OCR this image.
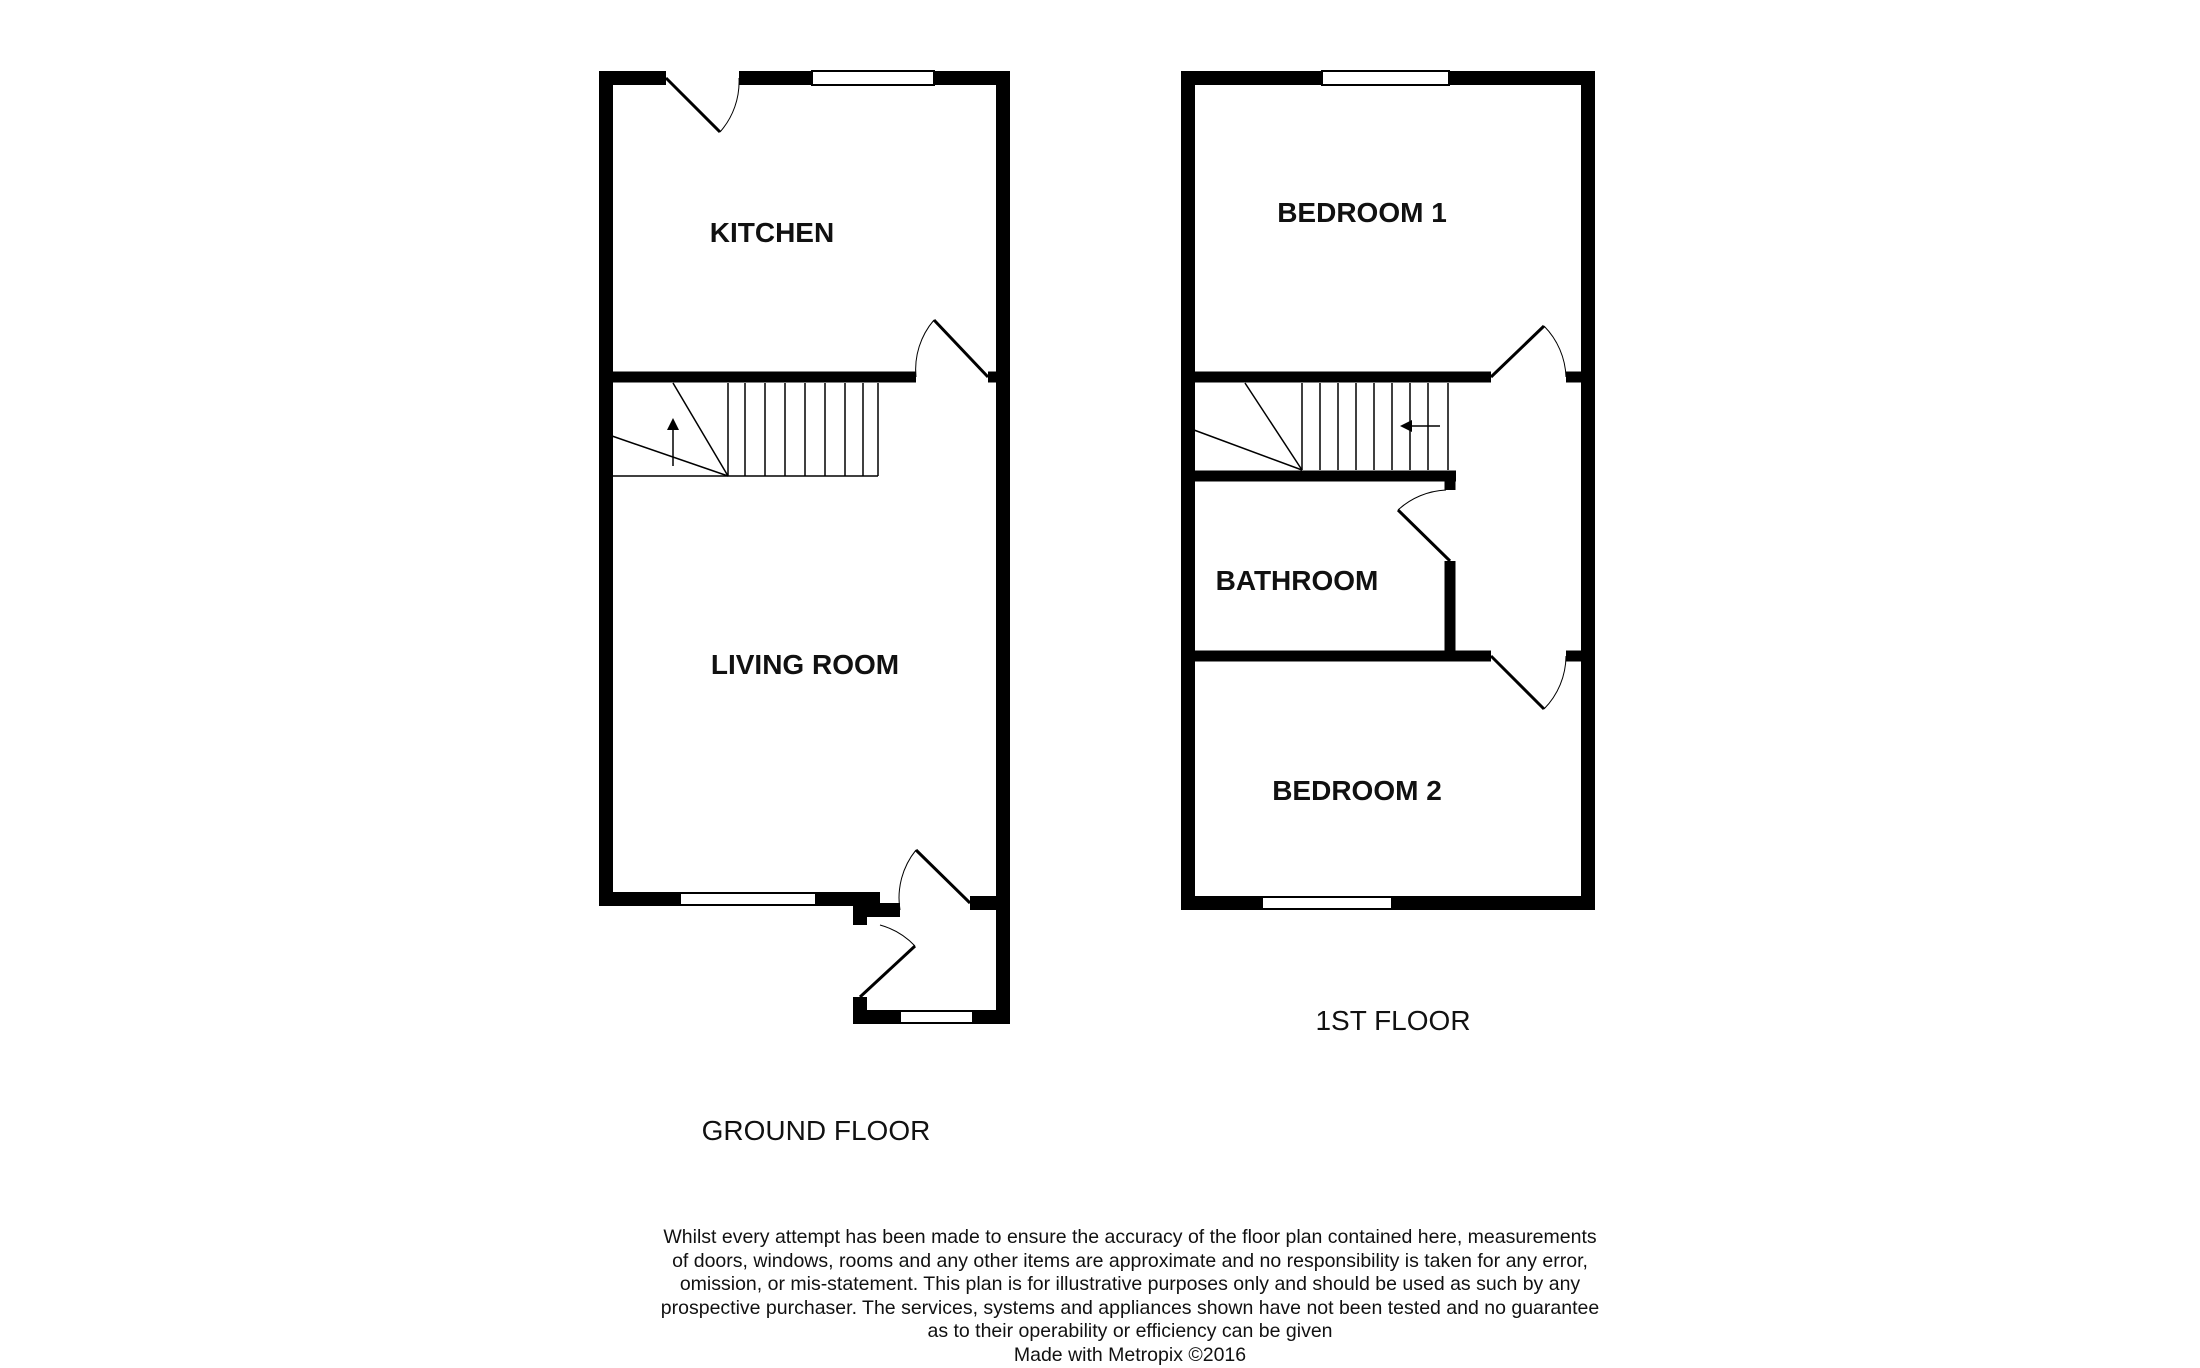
KITCHEN
LIVING ROOM
GROUND FLOOR
BEDROOM 1
BATHROOM
BEDROOM 2
1ST FLOOR
Whilst every attempt has been made to ensure the accuracy of the floor plan contained here, measurements
of doors, windows, rooms and any other items are approximate and no responsibility is taken for any error,
omission, or mis-statement. This plan is for illustrative purposes only and should be used as such by any
prospective purchaser. The services, systems and appliances shown have not been tested and no guarantee
as to their operability or efficiency can be given
Made with Metropix ©2016
